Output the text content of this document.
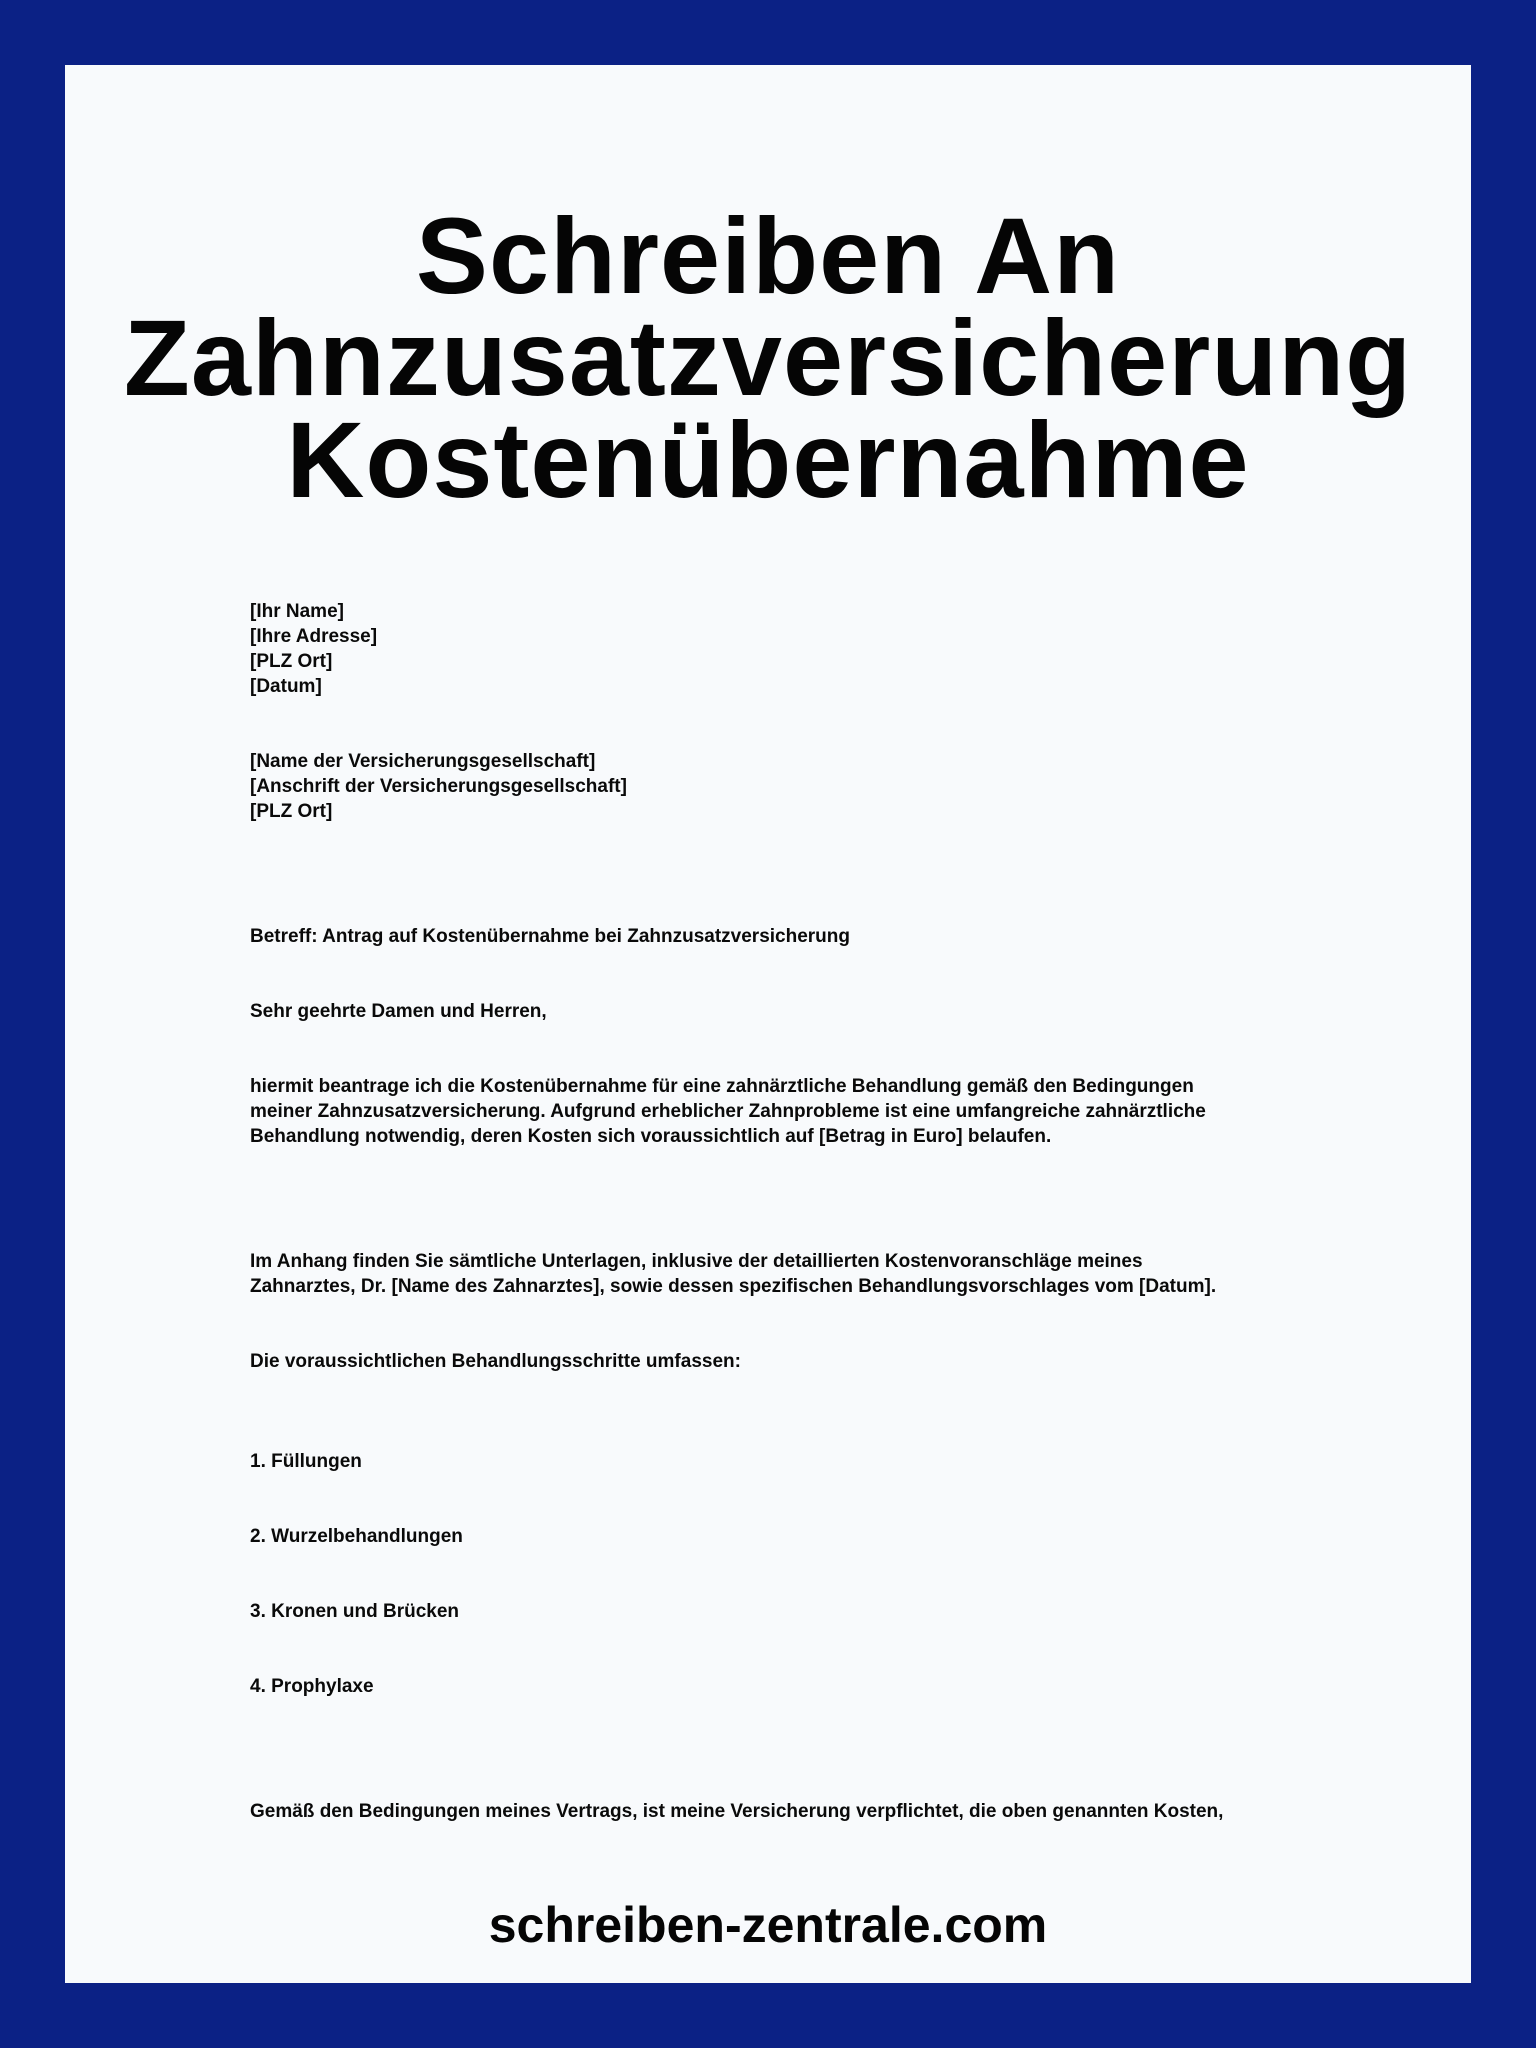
Schreiben An
Zahnzusatzversicherung
Kostenübernahme
[Ihr Name]
[Ihre Adresse]
[PLZ Ort]
[Datum]
[Name der Versicherungsgesellschaft]
[Anschrift der Versicherungsgesellschaft]
[PLZ Ort]
Betreff: Antrag auf Kostenübernahme bei Zahnzusatzversicherung
Sehr geehrte Damen und Herren,
hiermit beantrage ich die Kostenübernahme für eine zahnärztliche Behandlung gemäß den Bedingungen
meiner Zahnzusatzversicherung. Aufgrund erheblicher Zahnprobleme ist eine umfangreiche zahnärztliche
Behandlung notwendig, deren Kosten sich voraussichtlich auf [Betrag in Euro] belaufen.
Im Anhang finden Sie sämtliche Unterlagen, inklusive der detaillierten Kostenvoranschläge meines
Zahnarztes, Dr. [Name des Zahnarztes], sowie dessen spezifischen Behandlungsvorschlages vom [Datum].
Die voraussichtlichen Behandlungsschritte umfassen:
1. Füllungen
2. Wurzelbehandlungen
3. Kronen und Brücken
4. Prophylaxe
Gemäß den Bedingungen meines Vertrags, ist meine Versicherung verpflichtet, die oben genannten Kosten,
schreiben-zentrale.com
